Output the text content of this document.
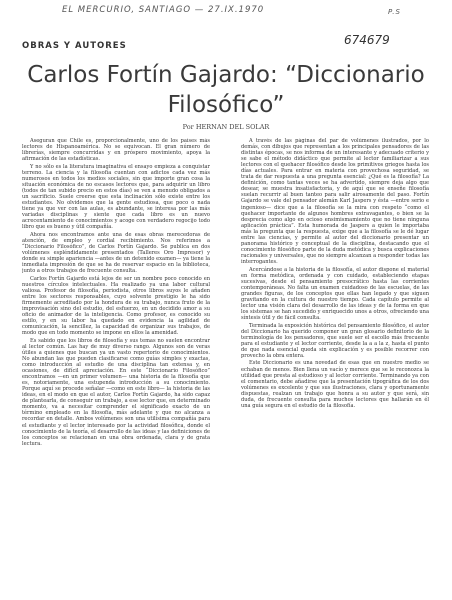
EL MERCURIO, SANTIAGO — 27.IX.1970	P.S
674679
OBRAS Y AUTORES
Carlos Fortín Gajardo: “Diccionario
Filosófico”
Por HERNAN DEL SOLAR

Aseguran que Chile es, proporcionalmente, uno de los países más lectores de Hispanoamérica. No se equivocan. El gran número de librerías, siempre concurridas y en próspero movimiento, apoya la afirmación de las estadísticas.

Y no sólo es la literatura imaginativa el ensayo empieza a conquistar terreno. La ciencia y la filosofía cuentan con adictos cada vez más numerosos en todos los medios sociales, sin que importe gran cosa la situación económica de no escasos lectores que, para adquirir un libro (todos de tan subido precio en estos días) se ven a menudo obligados a un sacrificio. Suele creerse que esta inclinación sólo existe entre los estudiantes. No olvidemos que la gente estudiosa, que poco o nada tiene ya que ver con las aulas, es abundante, se interesa por las más variadas disciplinas y siente que cada libro es un nuevo acrecentamiento de conocimientos y acoge con verdadero regocijo todo libro que es bueno y útil compañía.

Ahora nos encontramos ante una de esas obras merecedoras de atención, de empleo y cordial recibimiento. Nos referimos a “Diccionario Filosófico”, de Carlos Fortín Gajardo. Se publica en dos volúmenes espléndidamente presentados (Talleres Oro Impresor) y donde su simple apariencia —antes de un detenido examen— ya tiene la inmediata impresión de que se ha de reservar espacio en la biblioteca, junto a otros trabajos de frecuente consulta.

Carlos Fortín Gajardo está lejos de ser un nombre poco conocido en nuestros círculos intelectuales. Ha realizado ya una labor cultural valiosa. Profesor de filosofía, periodista, otros libros suyos le añaden entre los sectores responsables, cuyo solvente prestigio le ha sido firmemente acreditado por la hondura de su trabajo, nunca fruto de la improvisación sino del estudio, del esfuerzo, en un decidido amor a su oficio de animador de la inteligencia. Como profesor, es conocido su estilo, y en su labor ha quedado en evidencia la agilidad de comunicación, la sencillez, la capacidad de organizar sus trabajos, de modo que en todo momento se impone en ellos la amenidad.

Es sabido que los libros de filosofía y sus temas no suelen encontrar al lector común. Las hay de muy diverso rango. Algunos son de veras útiles a quienes que buscan ya un vasto repertorio de conocimientos. No abundan las que pueden clasificarse como guías simples y exactas, como introducción al estudio de una disciplina tan extensa y, en ocasiones, de difícil apreciación. En este “Diccionario Filosófico” encontramos —en un primer volumen— una historia de la filosofía que es, notoriamente, una estupenda introducción a su conocimiento. Porque aquí se procede señalar —como en este libro— la historia de las ideas, en el modo en que el autor, Carlos Fortín Gajardo, ha sido capaz de plantearla, de conseguir un trabajo, a ese lector que, en determinado momento, va a necesitar comprender el significado exacto de un término empleado en la filosofía, más adelante y que no alcanza a recordar en detalle. Ambos volúmenes son una utilísima compañía para el estudiante y el lector interesado por la actividad filosófica, donde el conocimiento de la teoría, el desarrollo de las ideas y las definiciones de los conceptos se relacionan en una obra ordenada, clara y de grata lectura.

A través de las páginas del par de volúmenes ilustrados, por lo demás, con dibujos que representan a los principales pensadores de las distintas épocas, se nos informa de un interesante y adecuado criterio y se sabe el método didáctico que permite al lector familiarizar a sus lectores con el quehacer filosófico desde los primitivos griegos hasta los días actuales. Para entrar en materia con provechosa seguridad, se trata de dar respuesta a una pregunta esencial: ¿Qué es la filosofía? La definición, como tantas veces se ha advertido, siempre deja algo que desear, se muestra insatisfactoria, y de aquí que se enseñe filosofía suelan recurrir al buen tanteo para salir airosamente del paso. Fortín Gajardo se vale del pensador alemán Karl Jaspers y ésta —entre serio e ingenioso— dice que a la filosofía se la mira con respeto “como el quehacer importante de algunos hombres extravagantes, o bien se la desprecia como algo en ocioso ensimismamiento que no tiene ninguna aplicación práctica”. Esta humorada de Jaspers a quien le importaba más la pregunta que la respuesta, exige que a la filosofía se le dé lugar entre las ciencias, y permite al autor del diccionario presentar un panorama histórico y conceptual de la disciplina, destacando que el conocimiento filosófico parte de la duda metódica y busca explicaciones racionales y universales, que no siempre alcanzan a responder todas las interrogantes.

Acercándose a la historia de la filosofía, el autor dispone el material en forma metódica, ordenada y con cuidado, estableciendo etapas sucesivas, desde el pensamiento presocrático hasta las corrientes contemporáneas. No falta un examen cuidadoso de las escuelas, de las grandes figuras, de los conceptos que ellas han legado y que siguen gravitando en la cultura de nuestro tiempo. Cada capítulo permite al lector una visión clara del desarrollo de las ideas y de la forma en que los sistemas se han sucedido y enriquecido unos a otros, ofreciendo una síntesis útil y de fácil consulta.

Terminada la exposición histórica del pensamiento filosófico, el autor del Diccionario ha querido componer un gran glosario definitorio de la terminología de los pensadores, que suele ser el escollo más frecuente para el estudiante y el lector corriente, desde la a a la z, hasta el punto de que nada esencial queda sin explicación y es posible recorrer con provecho la obra entera.

Este Diccionario es una novedad de esas que en nuestro medio se echaban de menos. Bien llena un vacío y merece que se le reconozca la utilidad que presta al estudioso y al lector corriente. Terminando ya con el comentario, debe añadirse que la presentación tipográfica de los dos volúmenes es excelente y que sus ilustraciones, clara y oportunamente dispuestas, realzan un trabajo que honra a su autor y que será, sin duda, de frecuente consulta para muchos lectores que hallarán en él una guía segura en el estudio de la filosofía.
